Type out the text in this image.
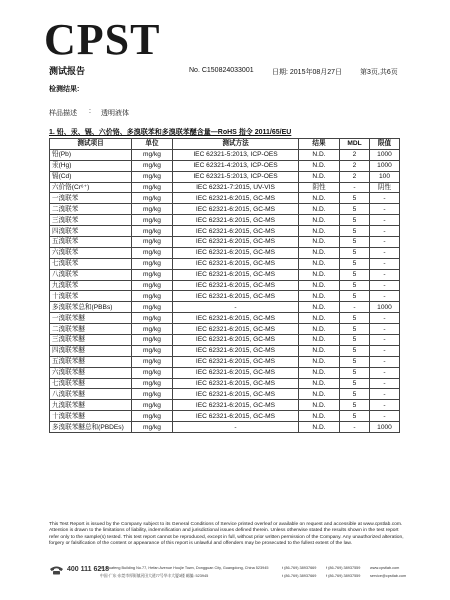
CPST
测试报告	No. C150824033001	日期: 2015年08月27日	第3页,共6页
检测结果:
样品描述 : 透明液体
1. 铅、汞、镉、六价铬、多溴联苯和多溴联苯醚含量—RoHS 指令 2011/65/EU
测试项目	单位	测试方法	结果	MDL	限值
铅(Pb)	mg/kg	IEC 62321-5:2013, ICP-OES	N.D.	2	1000
汞(Hg)	mg/kg	IEC 62321-4:2013, ICP-OES	N.D.	2	1000
镉(Cd)	mg/kg	IEC 62321-5:2013, ICP-OES	N.D.	2	100
六价铬(Cr⁶⁺)	mg/kg	IEC 62321-7:2015, UV-VIS	阴性	-	阴性
一溴联苯	mg/kg	IEC 62321-6:2015, GC-MS	N.D.	5	-
二溴联苯	mg/kg	IEC 62321-6:2015, GC-MS	N.D.	5	-
三溴联苯	mg/kg	IEC 62321-6:2015, GC-MS	N.D.	5	-
四溴联苯	mg/kg	IEC 62321-6:2015, GC-MS	N.D.	5	-
五溴联苯	mg/kg	IEC 62321-6:2015, GC-MS	N.D.	5	-
六溴联苯	mg/kg	IEC 62321-6:2015, GC-MS	N.D.	5	-
七溴联苯	mg/kg	IEC 62321-6:2015, GC-MS	N.D.	5	-
八溴联苯	mg/kg	IEC 62321-6:2015, GC-MS	N.D.	5	-
九溴联苯	mg/kg	IEC 62321-6:2015, GC-MS	N.D.	5	-
十溴联苯	mg/kg	IEC 62321-6:2015, GC-MS	N.D.	5	-
多溴联苯总和(PBBs)	mg/kg	-	N.D.	-	1000
一溴联苯醚	mg/kg	IEC 62321-6:2015, GC-MS	N.D.	5	-
二溴联苯醚	mg/kg	IEC 62321-6:2015, GC-MS	N.D.	5	-
三溴联苯醚	mg/kg	IEC 62321-6:2015, GC-MS	N.D.	5	-
四溴联苯醚	mg/kg	IEC 62321-6:2015, GC-MS	N.D.	5	-
五溴联苯醚	mg/kg	IEC 62321-6:2015, GC-MS	N.D.	5	-
六溴联苯醚	mg/kg	IEC 62321-6:2015, GC-MS	N.D.	5	-
七溴联苯醚	mg/kg	IEC 62321-6:2015, GC-MS	N.D.	5	-
八溴联苯醚	mg/kg	IEC 62321-6:2015, GC-MS	N.D.	5	-
九溴联苯醚	mg/kg	IEC 62321-6:2015, GC-MS	N.D.	5	-
十溴联苯醚	mg/kg	IEC 62321-6:2015, GC-MS	N.D.	5	-
多溴联苯醚总和(PBDEs)	mg/kg	-	N.D.	-	1000
This Test Report is issued by the Company subject to its General Conditions of Service printed overleaf or available on request and accessible at www.cpstlab.com. Attention is drawn to the limitations of liability, indemnification and jurisdictional issues defined therein. Unless otherwise stated the results shown in the test report refer only to the sample(s) tested. This test report cannot be reproduced, except in full, without prior written permission of the Company. Any unauthorized alteration, forgery or falsification of the content or appearance of this report is unlawful and offenders may be prosecuted to the fullest extent of the law.
400 111 6218
3F, Huafeng Building No.77, Hefan Avenue Houjie Town, Dongguan City, Guangdong, China 523945
中国·广东·东莞市厚街镇河田大道77号华丰大厦3楼 邮编: 523945
t (86-769) 38937669	f (86-769) 38937559	www.cpstlab.com
t (86-769) 38937669	f (86-769) 38937559	service@cpstlab.com
